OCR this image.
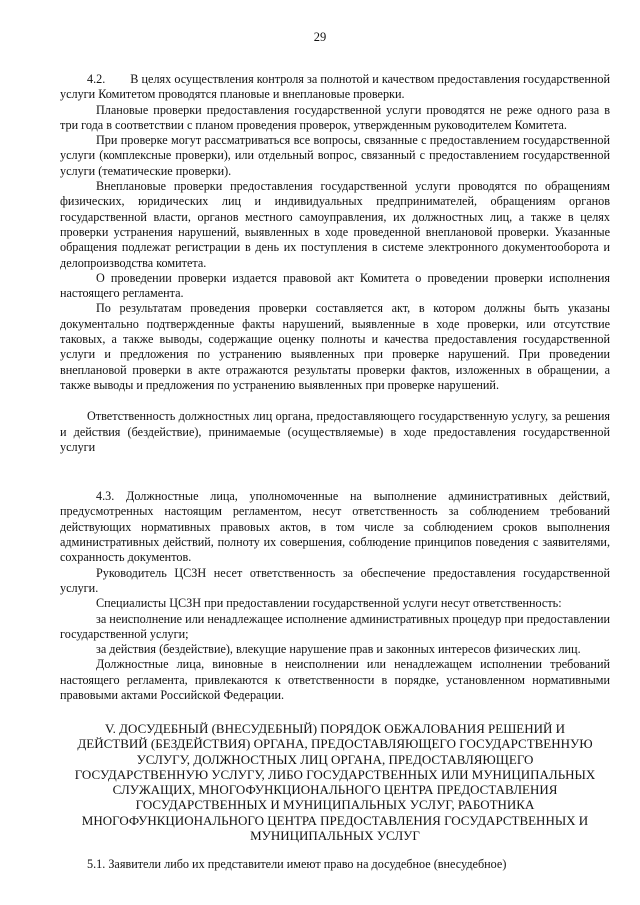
29

4.2.        В целях осуществления контроля за полнотой и качеством предоставления государственной услуги Комитетом проводятся плановые и внеплановые проверки.

Плановые проверки предоставления государственной услуги проводятся не реже одного раза в три года в соответствии с планом проведения проверок, утвержденным руководителем Комитета.

При проверке могут рассматриваться все вопросы, связанные с предоставлением государственной услуги (комплексные проверки), или отдельный вопрос, связанный с предоставлением государственной услуги (тематические проверки).

Внеплановые проверки предоставления государственной услуги проводятся по обращениям физических, юридических лиц и индивидуальных предпринимателей, обращениям органов государственной власти, органов местного самоуправления, их должностных лиц, а также в целях проверки устранения нарушений, выявленных в ходе проведенной внеплановой проверки. Указанные обращения подлежат регистрации в день их поступления в системе электронного документооборота и делопроизводства комитета.

О проведении проверки издается правовой акт Комитета о проведении проверки исполнения настоящего регламента.

По результатам проведения проверки составляется акт, в котором должны быть указаны документально подтвержденные факты нарушений, выявленные в ходе проверки, или отсутствие таковых, а также выводы, содержащие оценку полноты и качества предоставления государственной услуги и предложения по устранению выявленных при проверке нарушений. При проведении внеплановой проверки в акте отражаются результаты проверки фактов, изложенных в обращении, а также выводы и предложения по устранению выявленных при проверке нарушений.

Ответственность должностных лиц органа, предоставляющего государственную услугу, за решения и действия (бездействие), принимаемые (осуществляемые) в ходе предоставления государственной услуги

4.3. Должностные лица, уполномоченные на выполнение административных действий, предусмотренных настоящим регламентом, несут ответственность за соблюдением требований действующих нормативных правовых актов, в том числе за соблюдением сроков выполнения административных действий, полноту их совершения, соблюдение принципов поведения с заявителями, сохранность документов.

Руководитель ЦСЗН несет ответственность за обеспечение предоставления государственной услуги.

Специалисты ЦСЗН при предоставлении государственной услуги несут ответственность:

за неисполнение или ненадлежащее исполнение административных процедур при предоставлении государственной услуги;

за действия (бездействие), влекущие нарушение прав и законных интересов физических лиц.

Должностные лица, виновные в неисполнении или ненадлежащем исполнении требований настоящего регламента, привлекаются к ответственности в порядке, установленном нормативными правовыми актами Российской Федерации.

V. ДОСУДЕБНЫЙ (ВНЕСУДЕБНЫЙ) ПОРЯДОК ОБЖАЛОВАНИЯ РЕШЕНИЙ И ДЕЙСТВИЙ (БЕЗДЕЙСТВИЯ) ОРГАНА, ПРЕДОСТАВЛЯЮЩЕГО ГОСУДАРСТВЕННУЮ УСЛУГУ, ДОЛЖНОСТНЫХ ЛИЦ ОРГАНА, ПРЕДОСТАВЛЯЮЩЕГО ГОСУДАРСТВЕННУЮ УСЛУГУ, ЛИБО ГОСУДАРСТВЕННЫХ ИЛИ МУНИЦИПАЛЬНЫХ СЛУЖАЩИХ, МНОГОФУНКЦИОНАЛЬНОГО ЦЕНТРА ПРЕДОСТАВЛЕНИЯ ГОСУДАРСТВЕННЫХ И МУНИЦИПАЛЬНЫХ УСЛУГ, РАБОТНИКА МНОГОФУНКЦИОНАЛЬНОГО ЦЕНТРА ПРЕДОСТАВЛЕНИЯ ГОСУДАРСТВЕННЫХ И МУНИЦИПАЛЬНЫХ УСЛУГ

5.1. Заявители либо их представители имеют право на досудебное (внесудебное)
